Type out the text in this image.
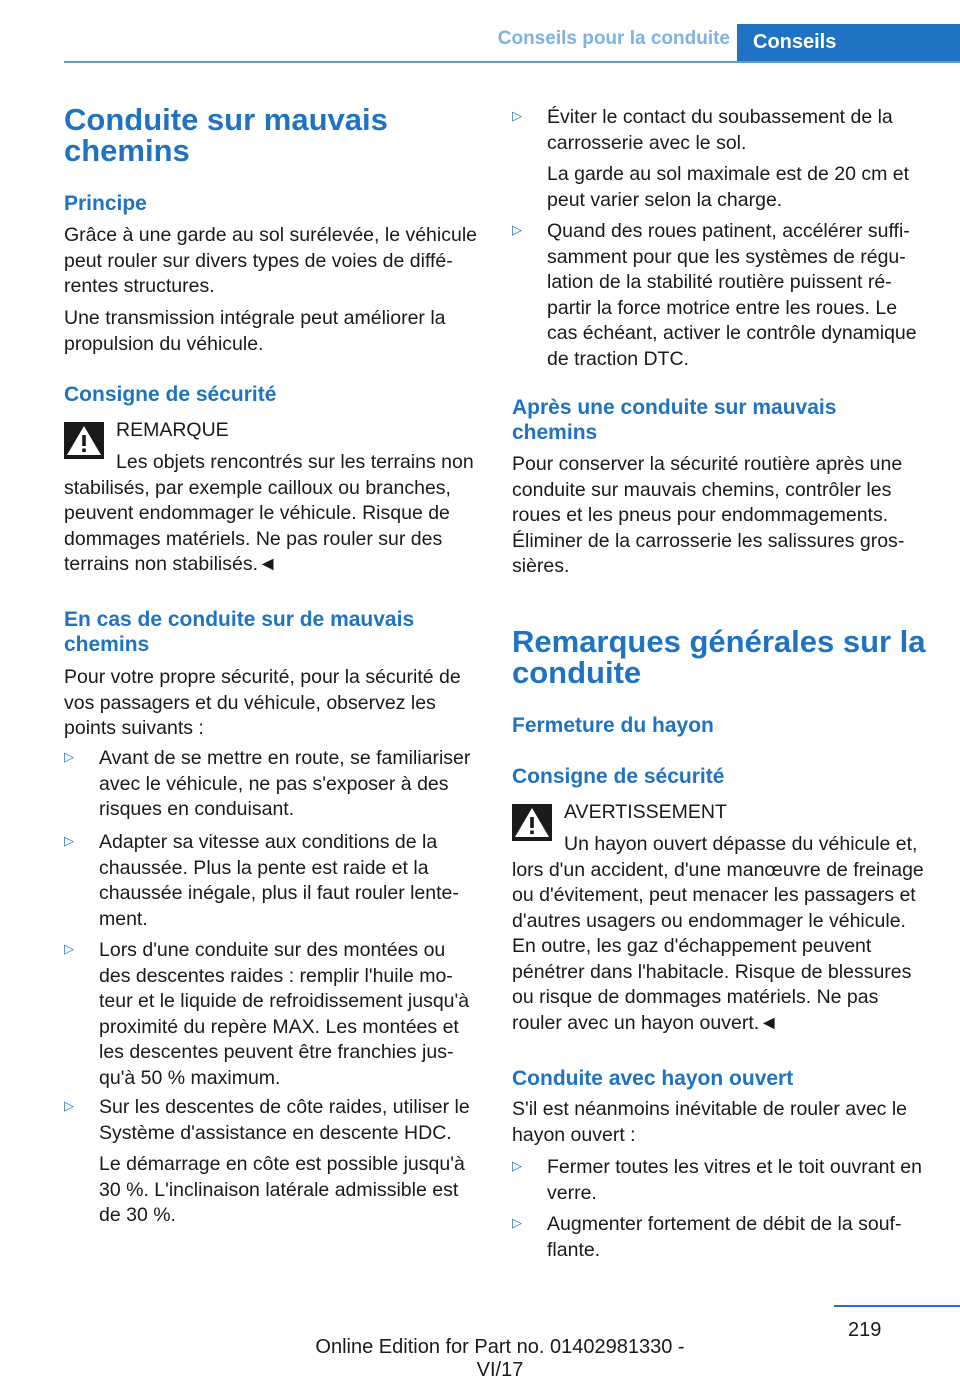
Conseils pour la conduite	Conseils
Conduite sur mauvais chemins
Principe

Grâce à une garde au sol surélevée, le véhicule peut rouler sur divers types de voies de différentes structures.

Une transmission intégrale peut améliorer la propulsion du véhicule.

Consigne de sécurité
REMARQUE

Les objets rencontrés sur les terrains non stabilisés, par exemple cailloux ou branches, peuvent endommager le véhicule. Risque de dommages matériels. Ne pas rouler sur des terrains non stabilisés.◄

En cas de conduite sur de mauvais chemins

Pour votre propre sécurité, pour la sécurité de vos passagers et du véhicule, observez les points suivants :

▷ Avant de se mettre en route, se familiariser avec le véhicule, ne pas s'exposer à des risques en conduisant.

▷ Adapter sa vitesse aux conditions de la chaussée. Plus la pente est raide et la chaussée inégale, plus il faut rouler lentement.

▷ Lors d'une conduite sur des montées ou des descentes raides : remplir l'huile moteur et le liquide de refroidissement jusqu'à proximité du repère MAX. Les montées et les descentes peuvent être franchies jusqu'à 50 % maximum.

▷ Sur les descentes de côte raides, utiliser le Système d'assistance en descente HDC.

Le démarrage en côte est possible jusqu'à 30 %. L'inclinaison latérale admissible est de 30 %.

▷ Éviter le contact du soubassement de la carrosserie avec le sol.

La garde au sol maximale est de 20 cm et peut varier selon la charge.

▷ Quand des roues patinent, accélérer suffisamment pour que les systèmes de régulation de la stabilité routière puissent répartir la force motrice entre les roues. Le cas échéant, activer le contrôle dynamique de traction DTC.

Après une conduite sur mauvais chemins

Pour conserver la sécurité routière après une conduite sur mauvais chemins, contrôler les roues et les pneus pour endommagements. Éliminer de la carrosserie les salissures grossières.

Remarques générales sur la conduite
Fermeture du hayon
Consigne de sécurité
AVERTISSEMENT

Un hayon ouvert dépasse du véhicule et, lors d'un accident, d'une manœuvre de freinage ou d'évitement, peut menacer les passagers et d'autres usagers ou endommager le véhicule. En outre, les gaz d'échappement peuvent pénétrer dans l'habitacle. Risque de blessures ou risque de dommages matériels. Ne pas rouler avec un hayon ouvert.◄

Conduite avec hayon ouvert

S'il est néanmoins inévitable de rouler avec le hayon ouvert :

▷ Fermer toutes les vitres et le toit ouvrant en verre.

▷ Augmenter fortement de débit de la soufflante.

219
Online Edition for Part no. 01402981330 - VI/17
